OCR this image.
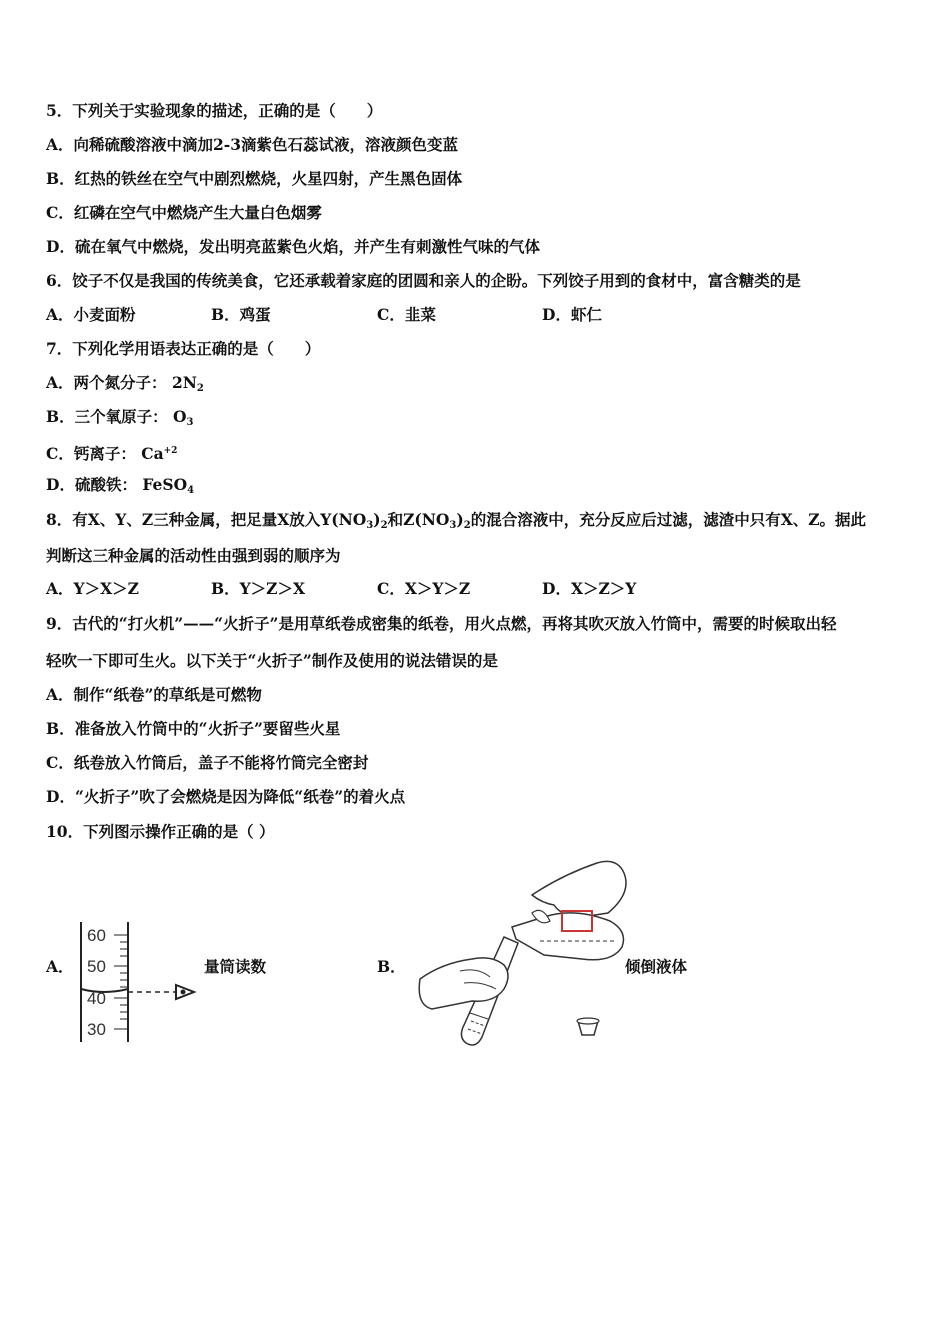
5．下列关于实验现象的描述，正确的是（　　）
A．向稀硫酸溶液中滴加2-3滴紫色石蕊试液，溶液颜色变蓝
B．红热的铁丝在空气中剧烈燃烧，火星四射，产生黑色固体
C．红磷在空气中燃烧产生大量白色烟雾
D．硫在氧气中燃烧，发出明亮蓝紫色火焰，并产生有刺激性气味的气体
6．饺子不仅是我国的传统美食，它还承载着家庭的团圆和亲人的企盼。下列饺子用到的食材中，富含糖类的是
A．小麦面粉	B．鸡蛋	C．韭菜	D．虾仁
7．下列化学用语表达正确的是（　　）
A．两个氮分子： $2N_2$
B．三个氧原子： $O_3$
C．钙离子： $Ca^{+2}$
D．硫酸铁： FeSO$_4$
8．有X、Y、Z三种金属，把足量X放入$Y(NO_3)_2$和$Z(NO_3)_2$的混合溶液中，充分反应后过滤，滤渣中只有X、Z。据此
判断这三种金属的活动性由强到弱的顺序为
A．Y＞X＞Z	B．Y＞Z＞X	C．X＞Y＞Z	D．X＞Z＞Y
9．古代的“打火机”——“火折子”是用草纸卷成密集的纸卷，用火点燃，再将其吹灭放入竹筒中，需要的时候取出轻
轻吹一下即可生火。以下关于“火折子”制作及使用的说法错误的是
A．制作“纸卷”的草纸是可燃物
B．准备放入竹筒中的“火折子”要留些火星
C．纸卷放入竹筒后，盖子不能将竹筒完全密封
D．“火折子”吹了会燃烧是因为降低“纸卷”的着火点
10．下列图示操作正确的是（ ）
A．	量筒读数	B．	倾倒液体
60
50
40
30
